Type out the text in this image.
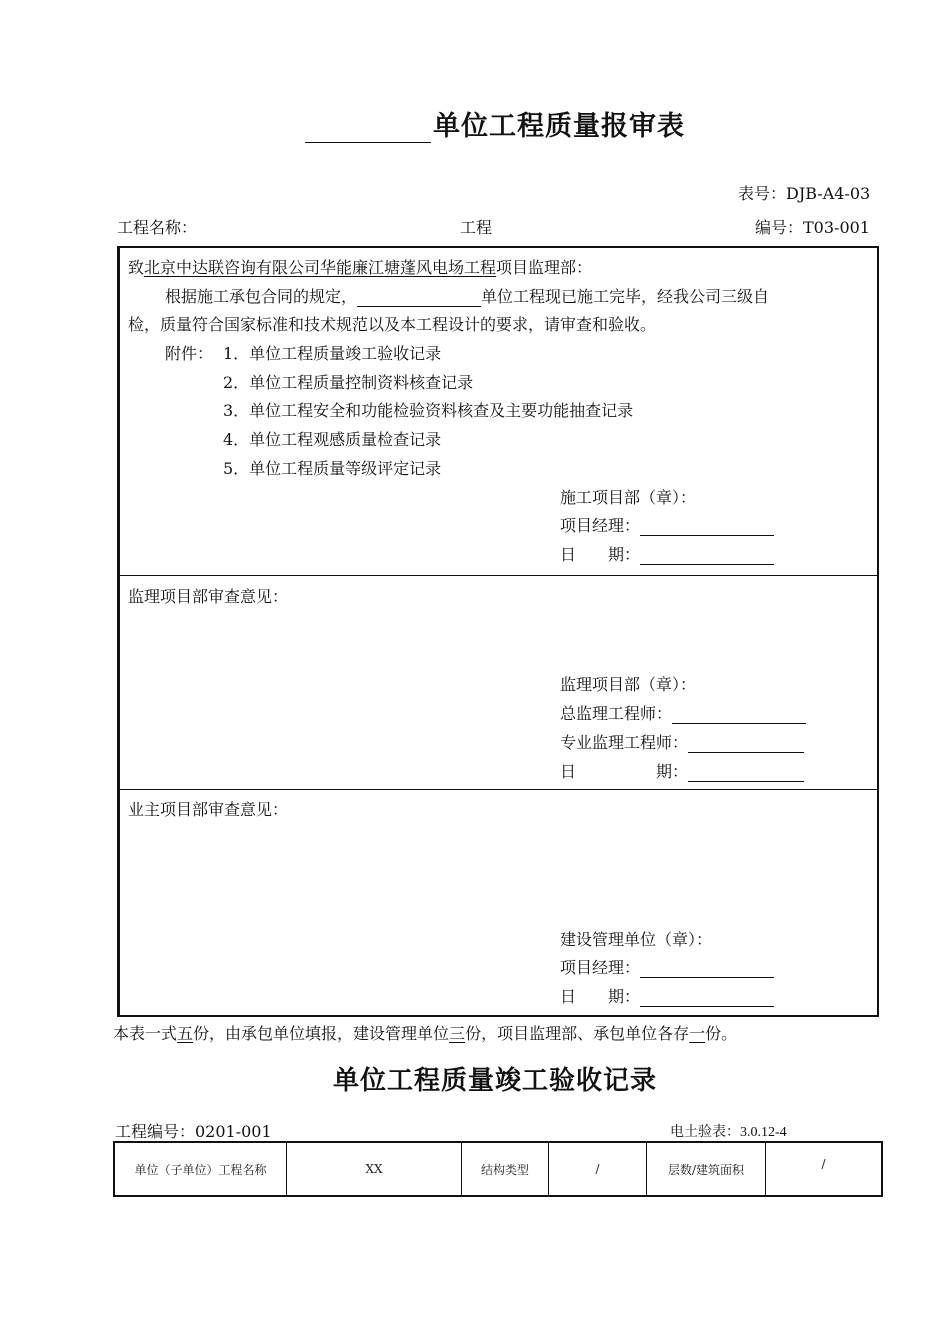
单位工程质量报审表
表号：DJB-A4-03
工程名称：	工程	编号：T03-001
致北京中达联咨询有限公司华能廉江塘蓬风电场工程项目监理部：
根据施工承包合同的规定，	单位工程现已施工完毕，经我公司三级自
检，质量符合国家标准和技术规范以及本工程设计的要求，请审查和验收。
附件： 1．单位工程质量竣工验收记录
2．单位工程质量控制资料核查记录
3．单位工程安全和功能检验资料核查及主要功能抽查记录
4．单位工程观感质量检查记录
5．单位工程质量等级评定记录
施工项目部（章）：
项目经理：
日　　期：
监理项目部审查意见：
监理项目部（章）：
总监理工程师：
专业监理工程师：
日　　　　　期：
业主项目部审查意见：
建设管理单位（章）：
项目经理：
日　　期：
本表一式五份，由承包单位填报，建设管理单位三份，项目监理部、承包单位各存一份。
单位工程质量竣工验收记录
工程编号：0201-001	电土验表：3.0.12-4
单位（子单位）工程名称	XX	结构类型	/	层数/建筑面积	/
